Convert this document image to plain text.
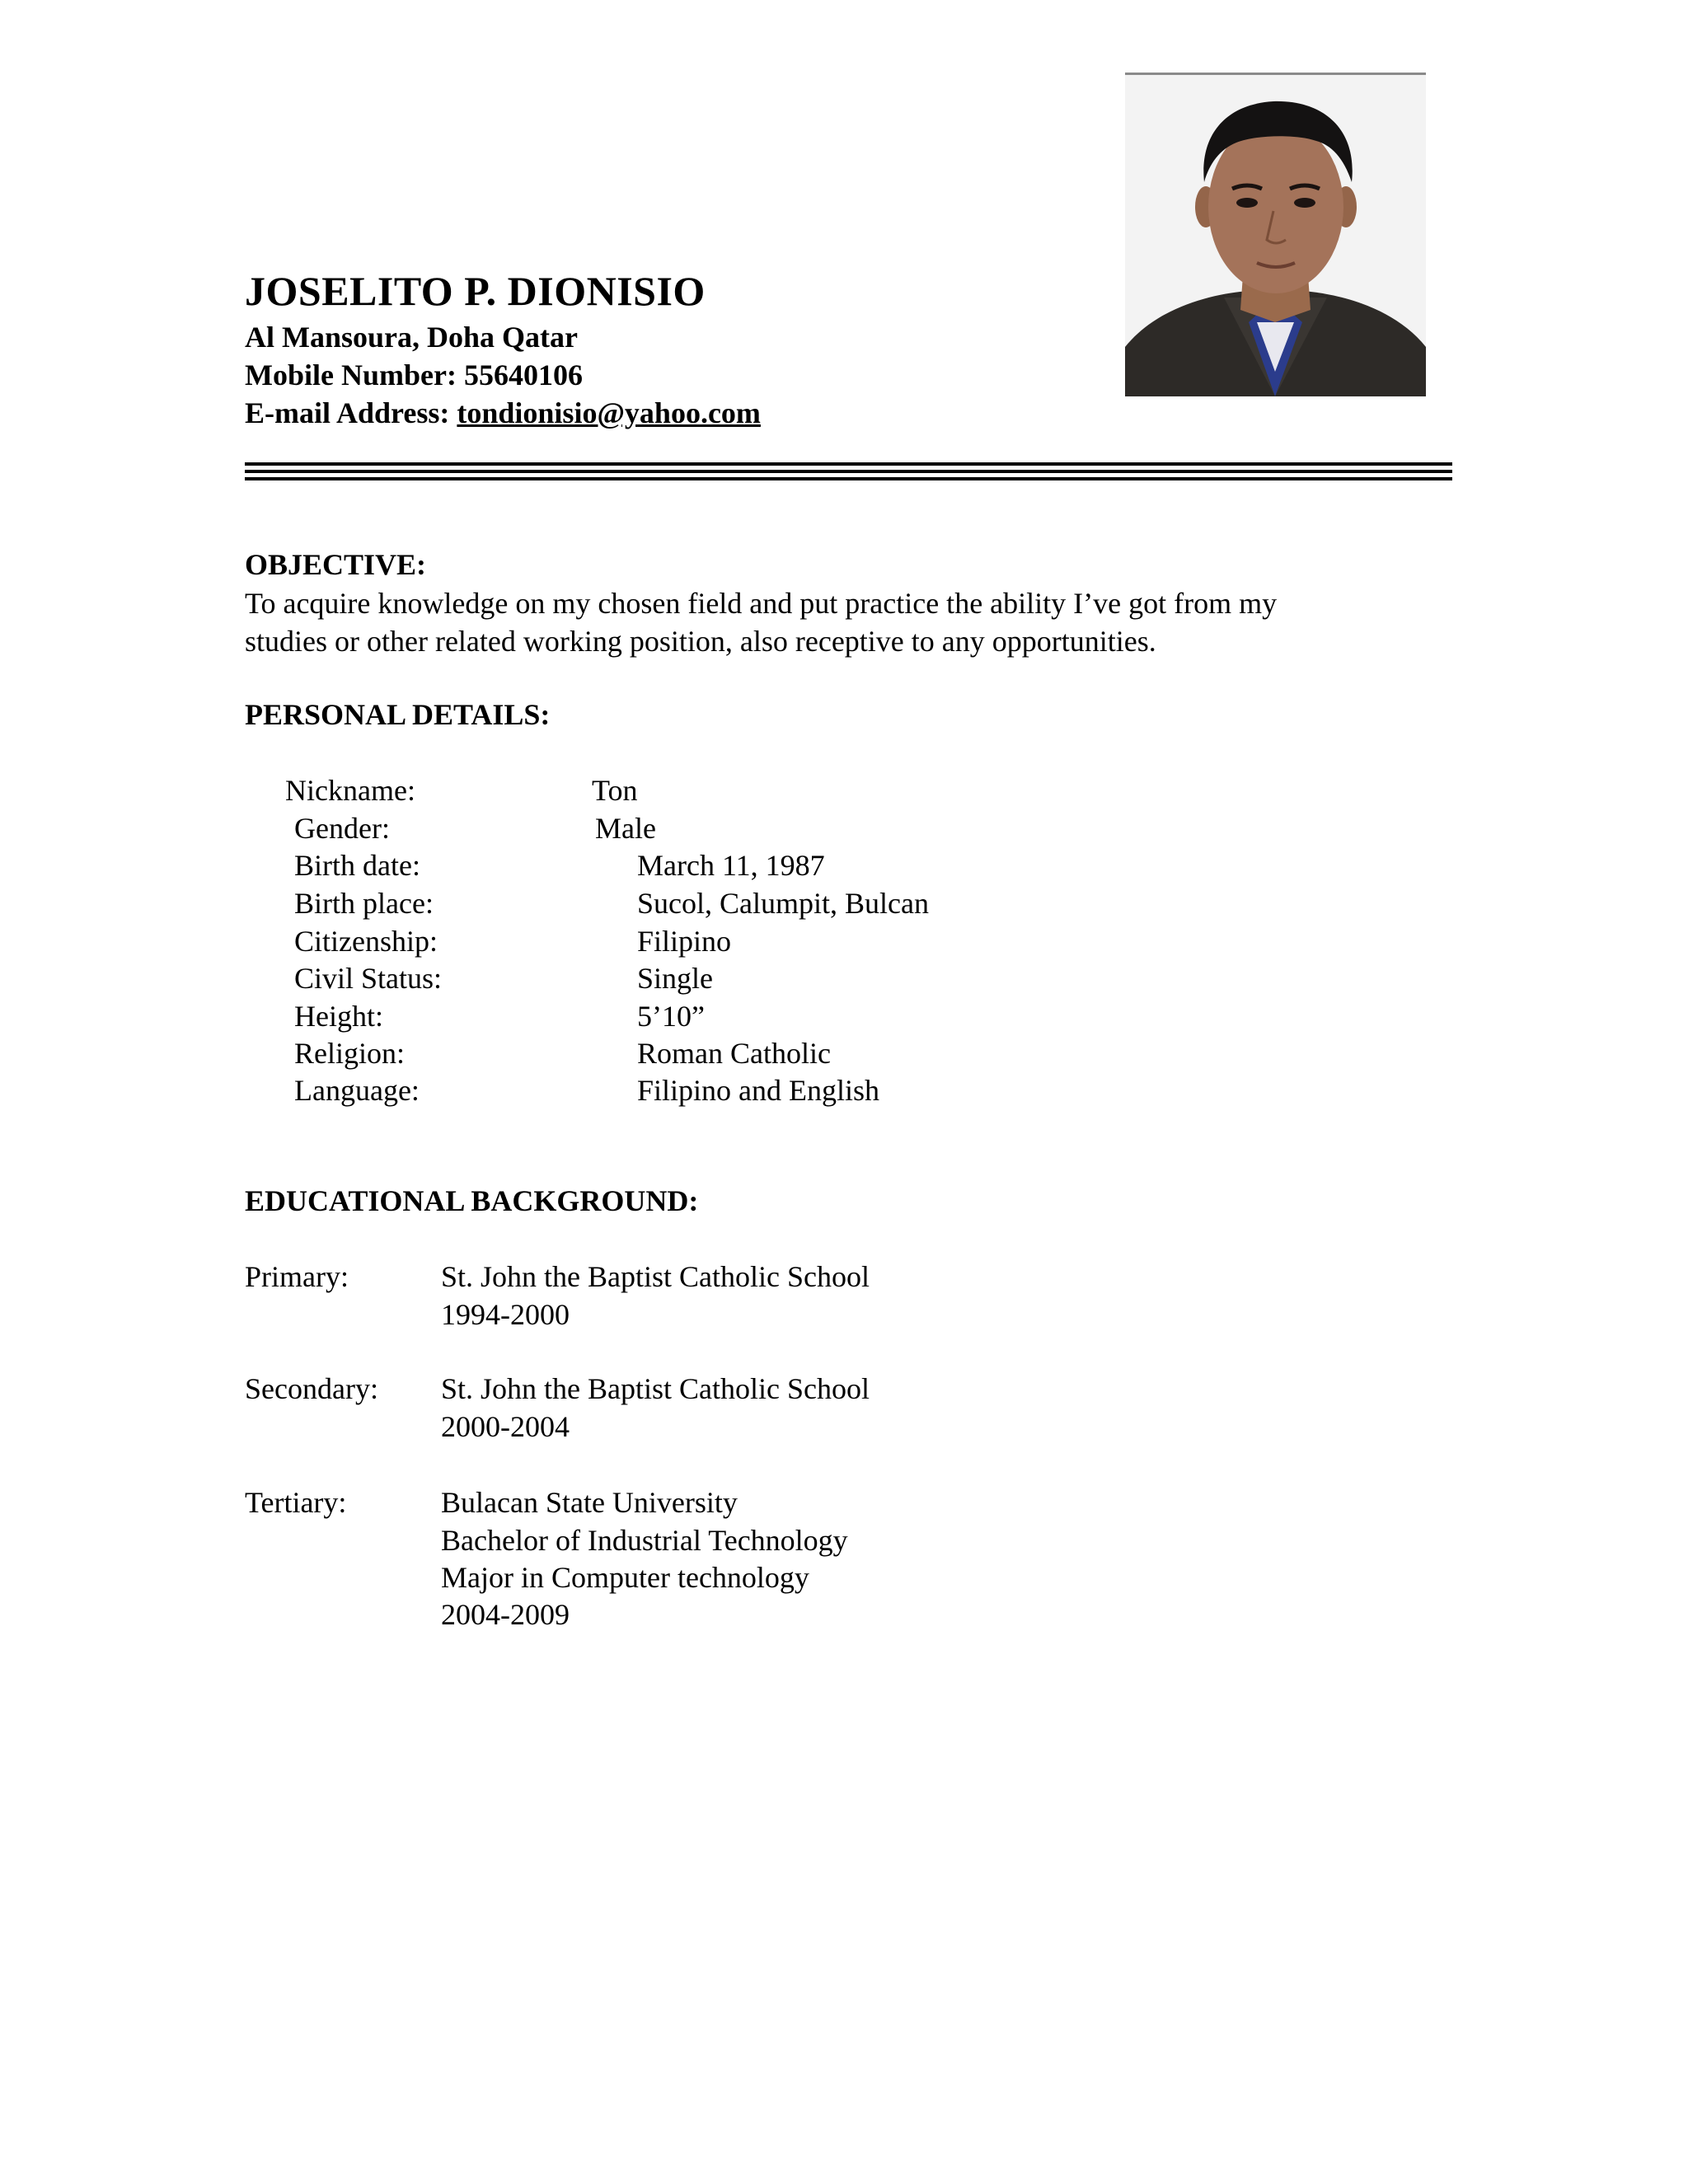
JOSELITO P. DIONISIO
Al Mansoura, Doha Qatar
Mobile Number: 55640106
E-mail Address: tondionisio@yahoo.com
OBJECTIVE:
To acquire knowledge on my chosen field and put practice the ability I’ve got from my
studies or other related working position, also receptive to any opportunities.
PERSONAL DETAILS:
Nickname:	Ton
Gender:	Male
Birth date:	March 11, 1987
Birth place:	Sucol, Calumpit, Bulcan
Citizenship:	Filipino
Civil Status:	Single
Height:	5’10”
Religion:	Roman Catholic
Language:	Filipino and English
EDUCATIONAL BACKGROUND:
Primary:	St. John the Baptist Catholic School
1994-2000
Secondary: St. John the Baptist Catholic School
2000-2004
Tertiary:	Bulacan State University
Bachelor of Industrial Technology
Major in Computer technology
2004-2009
